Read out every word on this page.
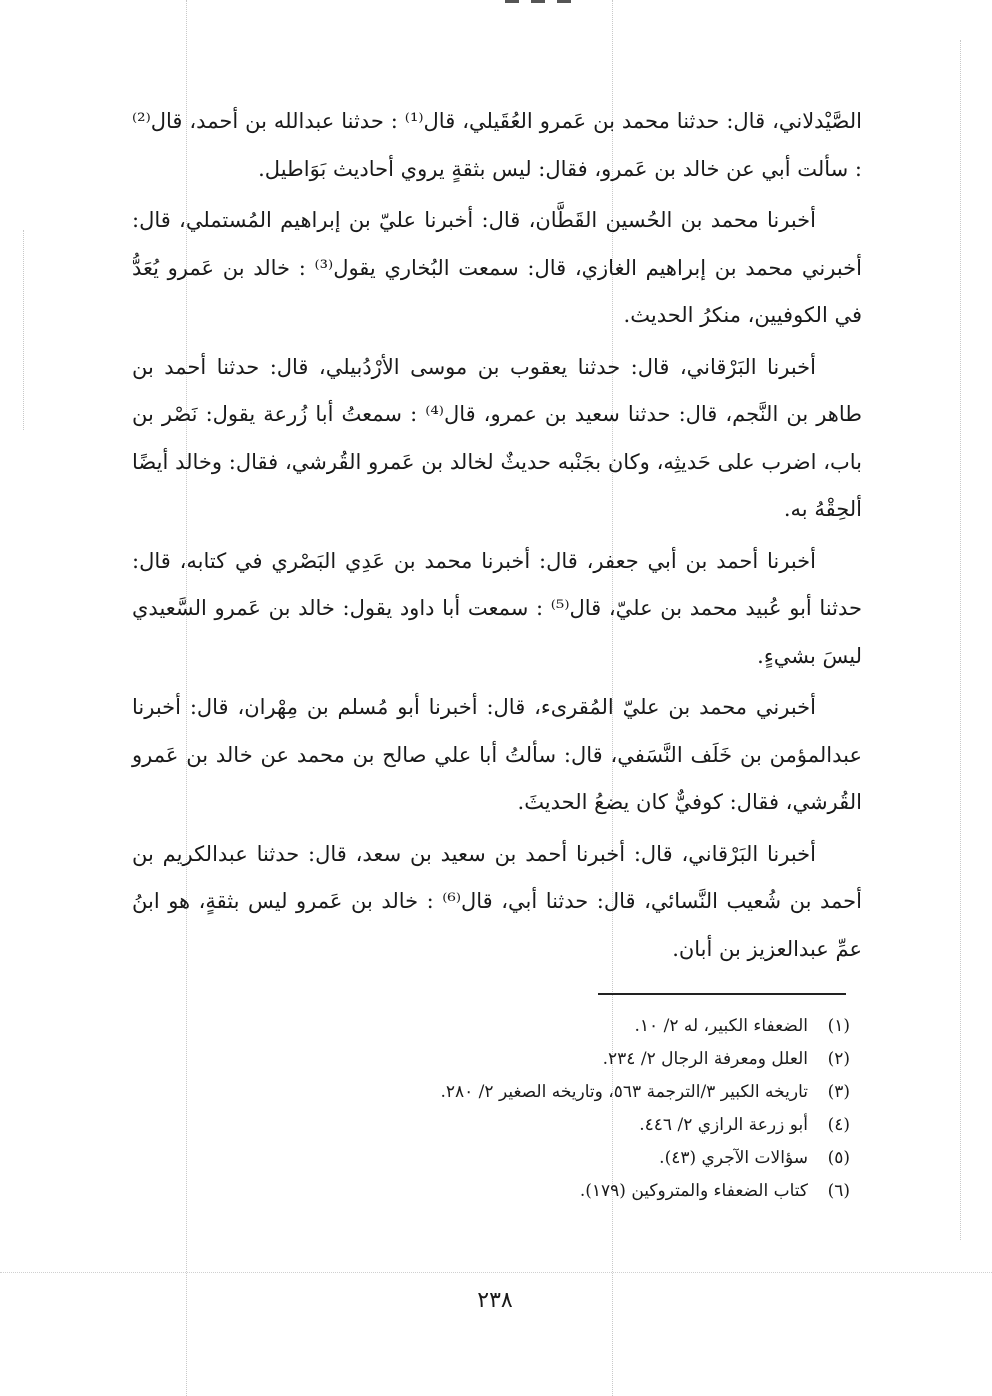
الصَّيْدلاني، قال: حدثنا محمد بن عَمرو العُقَيلي، قال⁽¹⁾ : حدثنا عبدالله بن أحمد، قال⁽²⁾ : سألت أبي عن خالد بن عَمرو، فقال: ليس بثقةٍ يروي أحاديث بَوَاطيل.

أخبرنا محمد بن الحُسين القَطَّان، قال: أخبرنا عليّ بن إبراهيم المُستملي، قال: أخبرني محمد بن إبراهيم الغازي، قال: سمعت البُخاري يقول⁽³⁾ : خالد بن عَمرو يُعَدُّ في الكوفيين، منكرُ الحديث.

أخبرنا البَرْقاني، قال: حدثنا يعقوب بن موسى الأرْدُبيلي، قال: حدثنا أحمد بن طاهر بن النَّجم، قال: حدثنا سعيد بن عمرو، قال⁽⁴⁾ : سمعتُ أبا زُرعة يقول: نَصْر بن باب، اضرب على حَديثِه، وكان بجَنْبه حديثٌ لخالد بن عَمرو القُرشي، فقال: وخالد أيضًا ألحِقْهُ به.

أخبرنا أحمد بن أبي جعفر، قال: أخبرنا محمد بن عَدِي البَصْري في كتابه، قال: حدثنا أبو عُبيد محمد بن عليّ، قال⁽⁵⁾ : سمعت أبا داود يقول: خالد بن عَمرو السَّعيدي ليسَ بشيءٍ.

أخبرني محمد بن عليّ المُقرىء، قال: أخبرنا أبو مُسلم بن مِهْران، قال: أخبرنا عبدالمؤمن بن خَلَف النَّسَفي، قال: سألتُ أبا علي صالح بن محمد عن خالد بن عَمرو القُرشي، فقال: كوفيٌّ كان يضعُ الحديثَ.

أخبرنا البَرْقاني، قال: أخبرنا أحمد بن سعيد بن سعد، قال: حدثنا عبدالكريم بن أحمد بن شُعيب النَّسائي، قال: حدثنا أبي، قال⁽⁶⁾ : خالد بن عَمرو ليس بثقةٍ، هو ابنُ عمِّ عبدالعزيز بن أبان.

(١)
الضعفاء الكبير، له ٢/ ١٠.
(٢)
العلل ومعرفة الرجال ٢/ ٢٣٤.
(٣)
تاريخه الكبير ٣/الترجمة ٥٦٣، وتاريخه الصغير ٢/ ٢٨٠.
(٤)
أبو زرعة الرازي ٢/ ٤٤٦.
(٥)
سؤالات الآجري (٤٣).
(٦)
كتاب الضعفاء والمتروكين (١٧٩).
٢٣٨
